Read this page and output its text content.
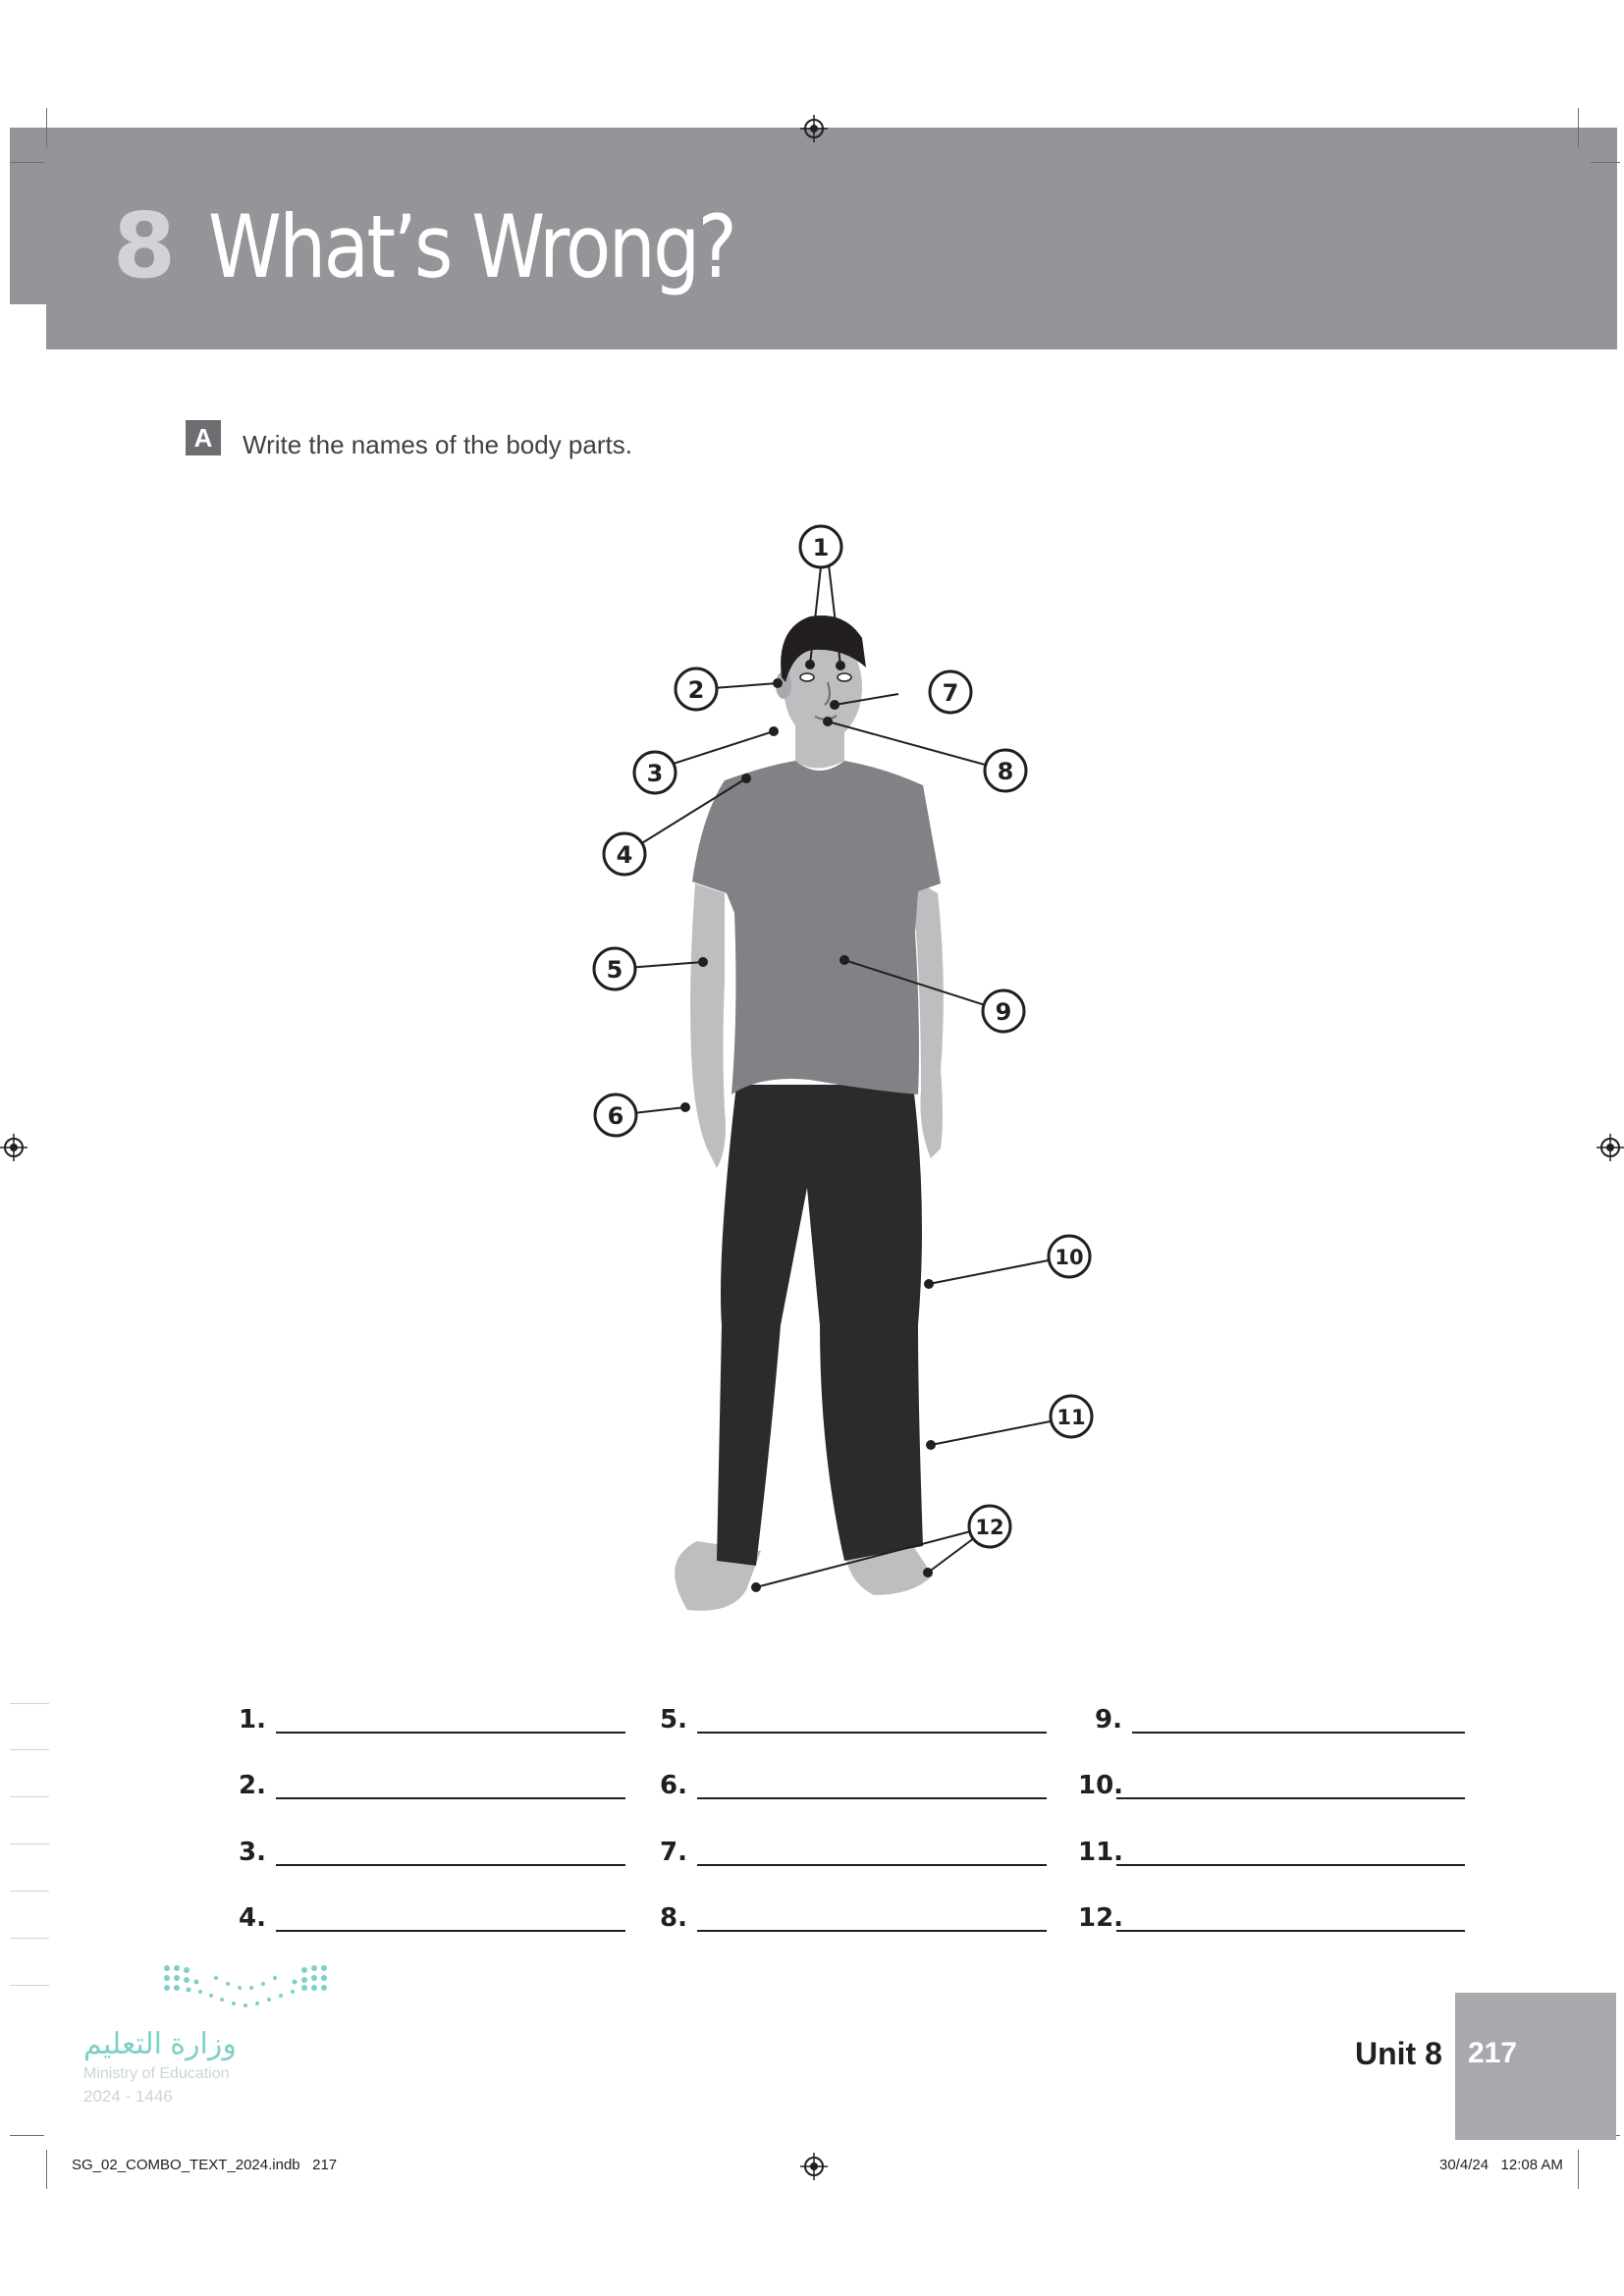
8 What’s Wrong?
A	Write the names of the body parts.
1
2
3
4
5
6
7
8
9
10
11
12
1.
2.
3.
4.
5.
6.
7.
8.
9.
10.
11.
12.
وزارة التعليم
Ministry of Education
2024 - 1446
Unit 8 217
SG_02_COMBO_TEXT_2024.indb   217	30/4/24   12:08 AM
